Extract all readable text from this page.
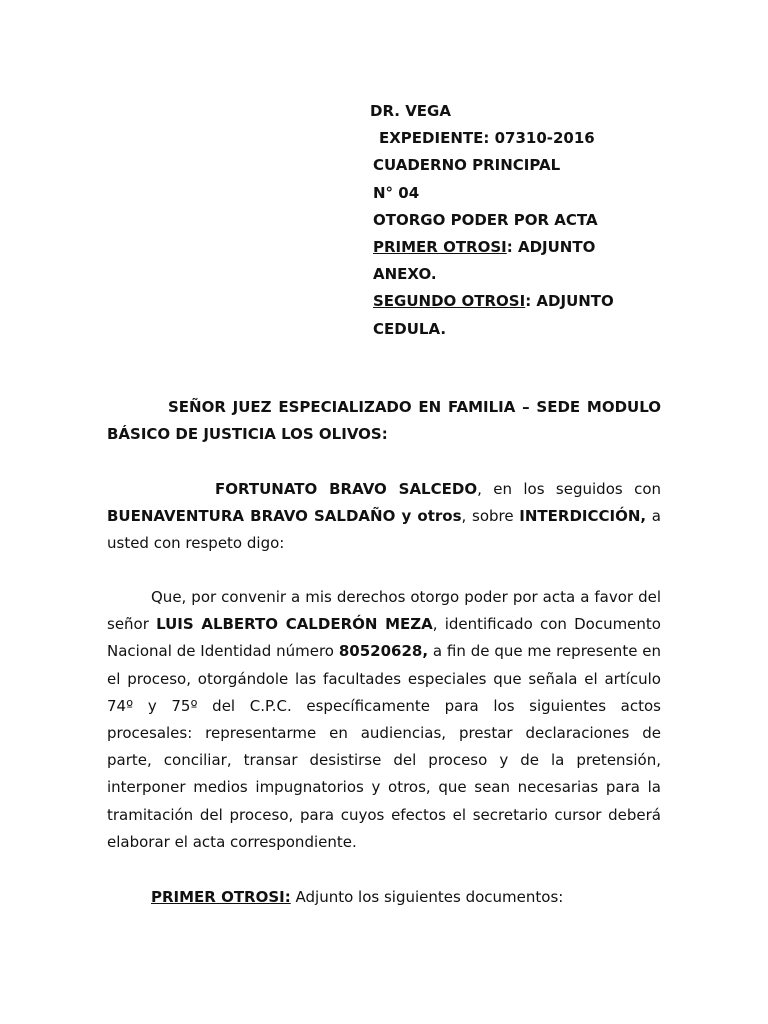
DR. VEGA
EXPEDIENTE: 07310-2016
CUADERNO PRINCIPAL
N° 04
OTORGO PODER POR ACTA
PRIMER OTROSI: ADJUNTO
ANEXO.
SEGUNDO OTROSI: ADJUNTO
CEDULA.
SEÑOR JUEZ ESPECIALIZADO EN FAMILIA – SEDE MODULO BÁSICO DE JUSTICIA LOS OLIVOS:
FORTUNATO BRAVO SALCEDO, en los seguidos con BUENAVENTURA BRAVO SALDAÑO y otros, sobre INTERDICCIÓN, a usted con respeto digo:
Que, por convenir a mis derechos otorgo poder por acta a favor del señor LUIS ALBERTO CALDERÓN MEZA, identificado con Documento Nacional de Identidad número 80520628, a fin de que me represente en el proceso, otorgándole las facultades especiales que señala el artículo 74º y 75º del C.P.C. específicamente para los siguientes actos procesales: representarme en audiencias, prestar declaraciones de parte, conciliar, transar desistirse del proceso y de la pretensión, interponer medios impugnatorios y otros, que sean necesarias para la tramitación del proceso, para cuyos efectos el secretario cursor deberá elaborar el acta correspondiente.
PRIMER OTROSI: Adjunto los siguientes documentos:
